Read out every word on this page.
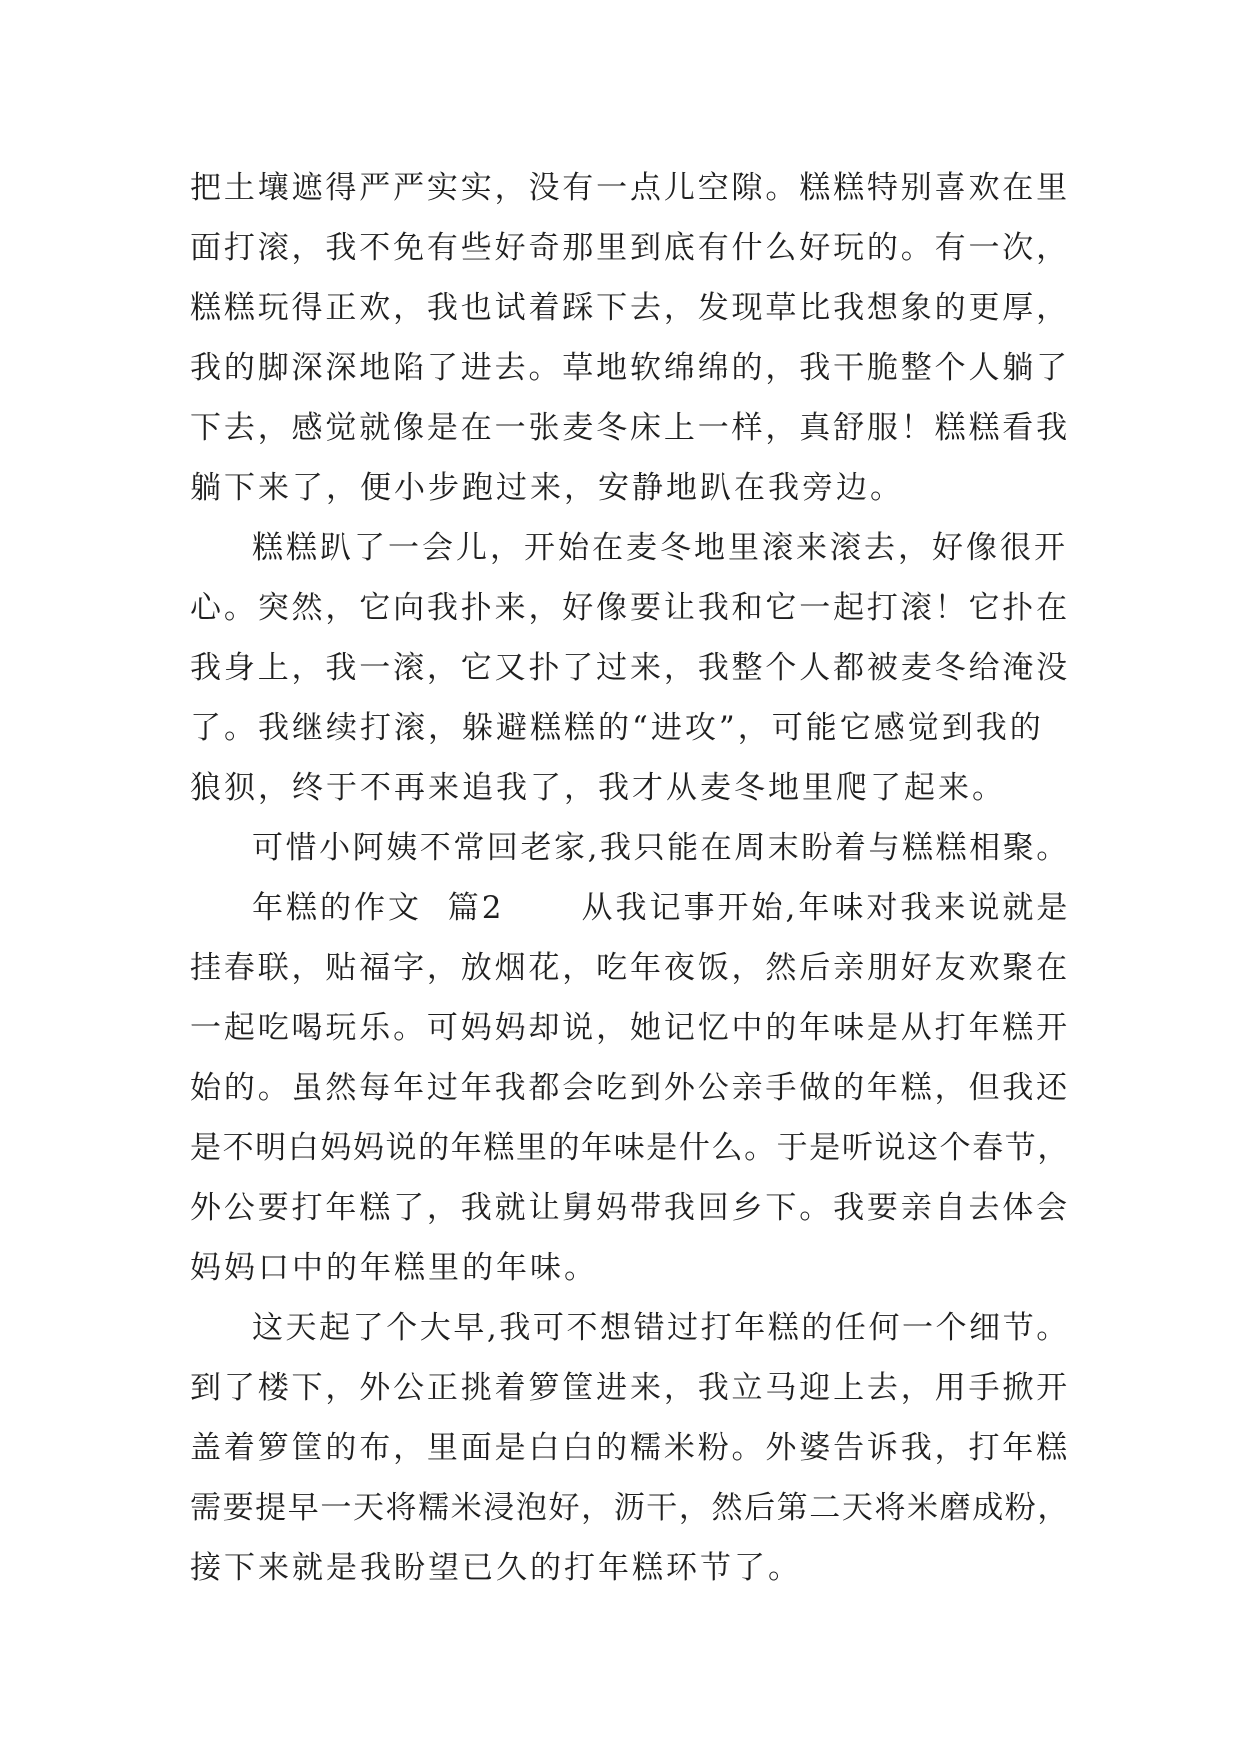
把土壤遮得严严实实，没有一点儿空隙。糕糕特别喜欢在里
面打滚，我不免有些好奇那里到底有什么好玩的。有一次，
糕糕玩得正欢，我也试着踩下去，发现草比我想象的更厚，
我的脚深深地陷了进去。草地软绵绵的，我干脆整个人躺了
下去，感觉就像是在一张麦冬床上一样，真舒服！糕糕看我
躺下来了，便小步跑过来，安静地趴在我旁边。
糕糕趴了一会儿，开始在麦冬地里滚来滚去，好像很开
心。突然，它向我扑来，好像要让我和它一起打滚！它扑在
我身上，我一滚，它又扑了过来，我整个人都被麦冬给淹没
了。我继续打滚，躲避糕糕的“进攻”，可能它感觉到我的
狼狈，终于不再来追我了，我才从麦冬地里爬了起来。
可惜小阿姨不常回老家,我只能在周末盼着与糕糕相聚。
年糕的作文  篇2      从我记事开始,年味对我来说就是
挂春联，贴福字，放烟花，吃年夜饭，然后亲朋好友欢聚在
一起吃喝玩乐。可妈妈却说，她记忆中的年味是从打年糕开
始的。虽然每年过年我都会吃到外公亲手做的年糕，但我还
是不明白妈妈说的年糕里的年味是什么。于是听说这个春节，
外公要打年糕了，我就让舅妈带我回乡下。我要亲自去体会
妈妈口中的年糕里的年味。
这天起了个大早,我可不想错过打年糕的任何一个细节。
到了楼下，外公正挑着箩筐进来，我立马迎上去，用手掀开
盖着箩筐的布，里面是白白的糯米粉。外婆告诉我，打年糕
需要提早一天将糯米浸泡好，沥干，然后第二天将米磨成粉，
接下来就是我盼望已久的打年糕环节了。
